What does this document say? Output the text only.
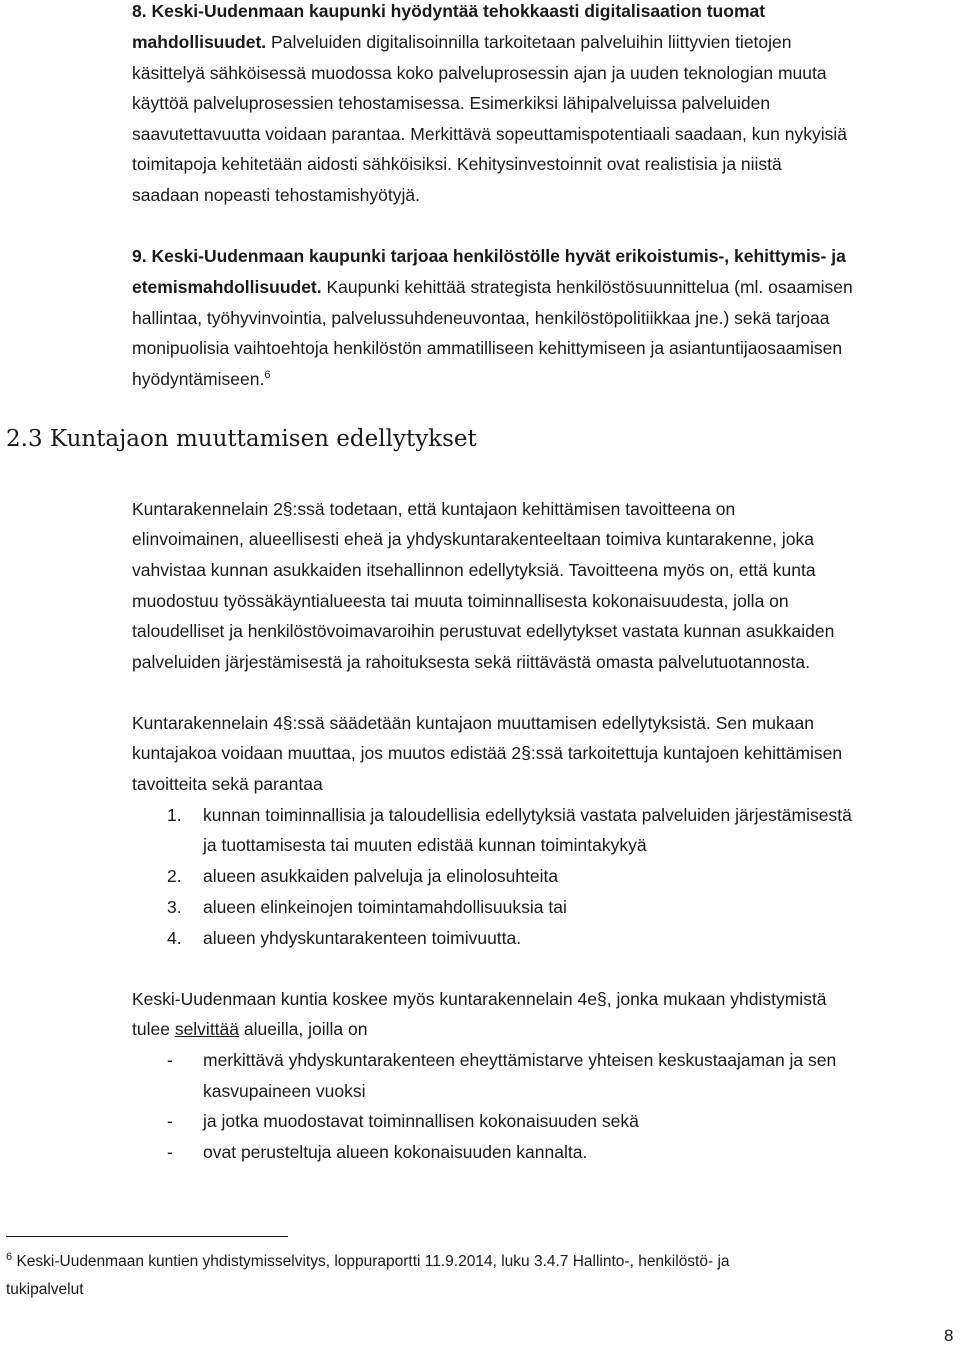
8. Keski-Uudenmaan kaupunki hyödyntää tehokkaasti digitalisaation tuomat
mahdollisuudet. Palveluiden digitalisoinnilla tarkoitetaan palveluihin liittyvien tietojen
käsittelyä sähköisessä muodossa koko palveluprosessin ajan ja uuden teknologian muuta
käyttöä palveluprosessien tehostamisessa. Esimerkiksi lähipalveluissa palveluiden
saavutettavuutta voidaan parantaa. Merkittävä sopeuttamispotentiaali saadaan, kun nykyisiä
toimitapoja kehitetään aidosti sähköisiksi. Kehitysinvestoinnit ovat realistisia ja niistä
saadaan nopeasti tehostamishyötyjä.
9. Keski-Uudenmaan kaupunki tarjoaa henkilöstölle hyvät erikoistumis-, kehittymis- ja
etemismahdollisuudet. Kaupunki kehittää strategista henkilöstösuunnittelua (ml. osaamisen
hallintaa, työhyvinvointia, palvelussuhdeneuvontaa, henkilöstöpolitiikkaa jne.) sekä tarjoaa
monipuolisia vaihtoehtoja henkilöstön ammatilliseen kehittymiseen ja asiantuntijaosaamisen
hyödyntämiseen.$^6$
2.3 Kuntajaon muuttamisen edellytykset
Kuntarakennelain 2§:ssä todetaan, että kuntajaon kehittämisen tavoitteena on
elinvoimainen, alueellisesti eheä ja yhdyskuntarakenteeltaan toimiva kuntarakenne, joka
vahvistaa kunnan asukkaiden itsehallinnon edellytyksiä. Tavoitteena myös on, että kunta
muodostuu työssäkäyntialueesta tai muuta toiminnallisesta kokonaisuudesta, jolla on
taloudelliset ja henkilöstövoimavaroihin perustuvat edellytykset vastata kunnan asukkaiden
palveluiden järjestämisestä ja rahoituksesta sekä riittävästä omasta palvelutuotannosta.
Kuntarakennelain 4§:ssä säädetään kuntajaon muuttamisen edellytyksistä. Sen mukaan
kuntajakoa voidaan muuttaa, jos muutos edistää 2§:ssä tarkoitettuja kuntajoen kehittämisen
tavoitteita sekä parantaa
1. kunnan toiminnallisia ja taloudellisia edellytyksiä vastata palveluiden järjestämisestä
ja tuottamisesta tai muuten edistää kunnan toimintakykyä
2. alueen asukkaiden palveluja ja elinolosuhteita
3. alueen elinkeinojen toimintamahdollisuuksia tai
4. alueen yhdyskuntarakenteen toimivuutta.
Keski-Uudenmaan kuntia koskee myös kuntarakennelain 4e§, jonka mukaan yhdistymistä
tulee selvittää alueilla, joilla on
- merkittävä yhdyskuntarakenteen eheyttämistarve yhteisen keskustaajaman ja sen
kasvupaineen vuoksi
- ja jotka muodostavat toiminnallisen kokonaisuuden sekä
- ovat perusteltuja alueen kokonaisuuden kannalta.
$^6$ Keski-Uudenmaan kuntien yhdistymisselvitys, loppuraportti 11.9.2014, luku 3.4.7 Hallinto-, henkilöstö- ja
tukipalvelut
8
